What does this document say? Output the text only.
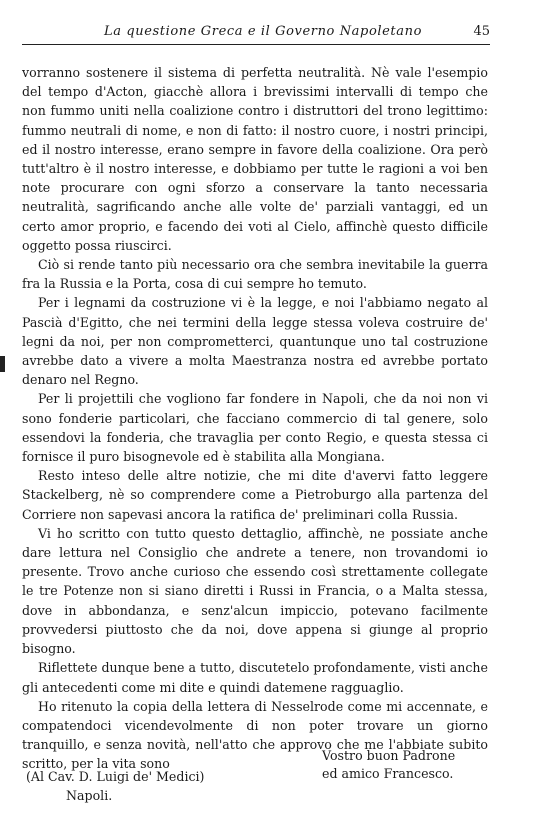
La questione Greca e il Governo Napoletano	45

vorranno sostenere il sistema di perfetta neutralità. Nè vale l'esempio del tempo d'Acton, giacchè allora i brevissimi intervalli di tempo che non fummo uniti nella coalizione contro i distruttori del trono legittimo: fummo neutrali di nome, e non di fatto: il nostro cuore, i nostri principi, ed il nostro interesse, erano sempre in favore della coalizione. Ora però tutt'altro è il nostro interesse, e dobbiamo per tutte le ragioni a voi ben note procurare con ogni sforzo a conservare la tanto necessaria neutralità, sagrificando anche alle volte de' parziali vantaggi, ed un certo amor proprio, e facendo dei voti al Cielo, affinchè questo difficile oggetto possa riuscirci.

Ciò si rende tanto più necessario ora che sembra inevitabile la guerra fra la Russia e la Porta, cosa di cui sempre ho temuto.

Per i legnami da costruzione vi è la legge, e noi l'abbiamo negato al Pascià d'Egitto, che nei termini della legge stessa voleva costruire de' legni da noi, per non comprometterci, quantunque uno tal costruzione avrebbe dato a vivere a molta Maestranza nostra ed avrebbe portato denaro nel Regno.

Per li projettili che vogliono far fondere in Napoli, che da noi non vi sono fonderie particolari, che facciano commercio di tal genere, solo essendovi la fonderia, che travaglia per conto Regio, e questa stessa ci fornisce il puro bisognevole ed è stabilita alla Mongiana.

Resto inteso delle altre notizie, che mi dite d'avervi fatto leggere Stackelberg, nè so comprendere come a Pietroburgo alla partenza del Corriere non sapevasi ancora la ratifica de' preliminari colla Russia.

Vi ho scritto con tutto questo dettaglio, affinchè, ne possiate anche dare lettura nel Consiglio che andrete a tenere, non trovandomi io presente. Trovo anche curioso che essendo così strettamente collegate le tre Potenze non si siano diretti i Russi in Francia, o a Malta stessa, dove in abbondanza, e senz'alcun impiccio, potevano facilmente provvedersi piuttosto che da noi, dove appena si giunge al proprio bisogno.

Riflettete dunque bene a tutto, discutetelo profondamente, visti anche gli antecedenti come mi dite e quindi datemene ragguaglio.

Ho ritenuto la copia della lettera di Nesselrode come mi accennate, e compatendoci vicendevolmente di non poter trovare un giorno tranquillo, e senza novità, nell'atto che approvo che me l'abbiate subito scritto, per la vita sono

Vostro buon Padrone
ed amico Francesco.
(Al Cav. D. Luigi de' Medici)
Napoli.
